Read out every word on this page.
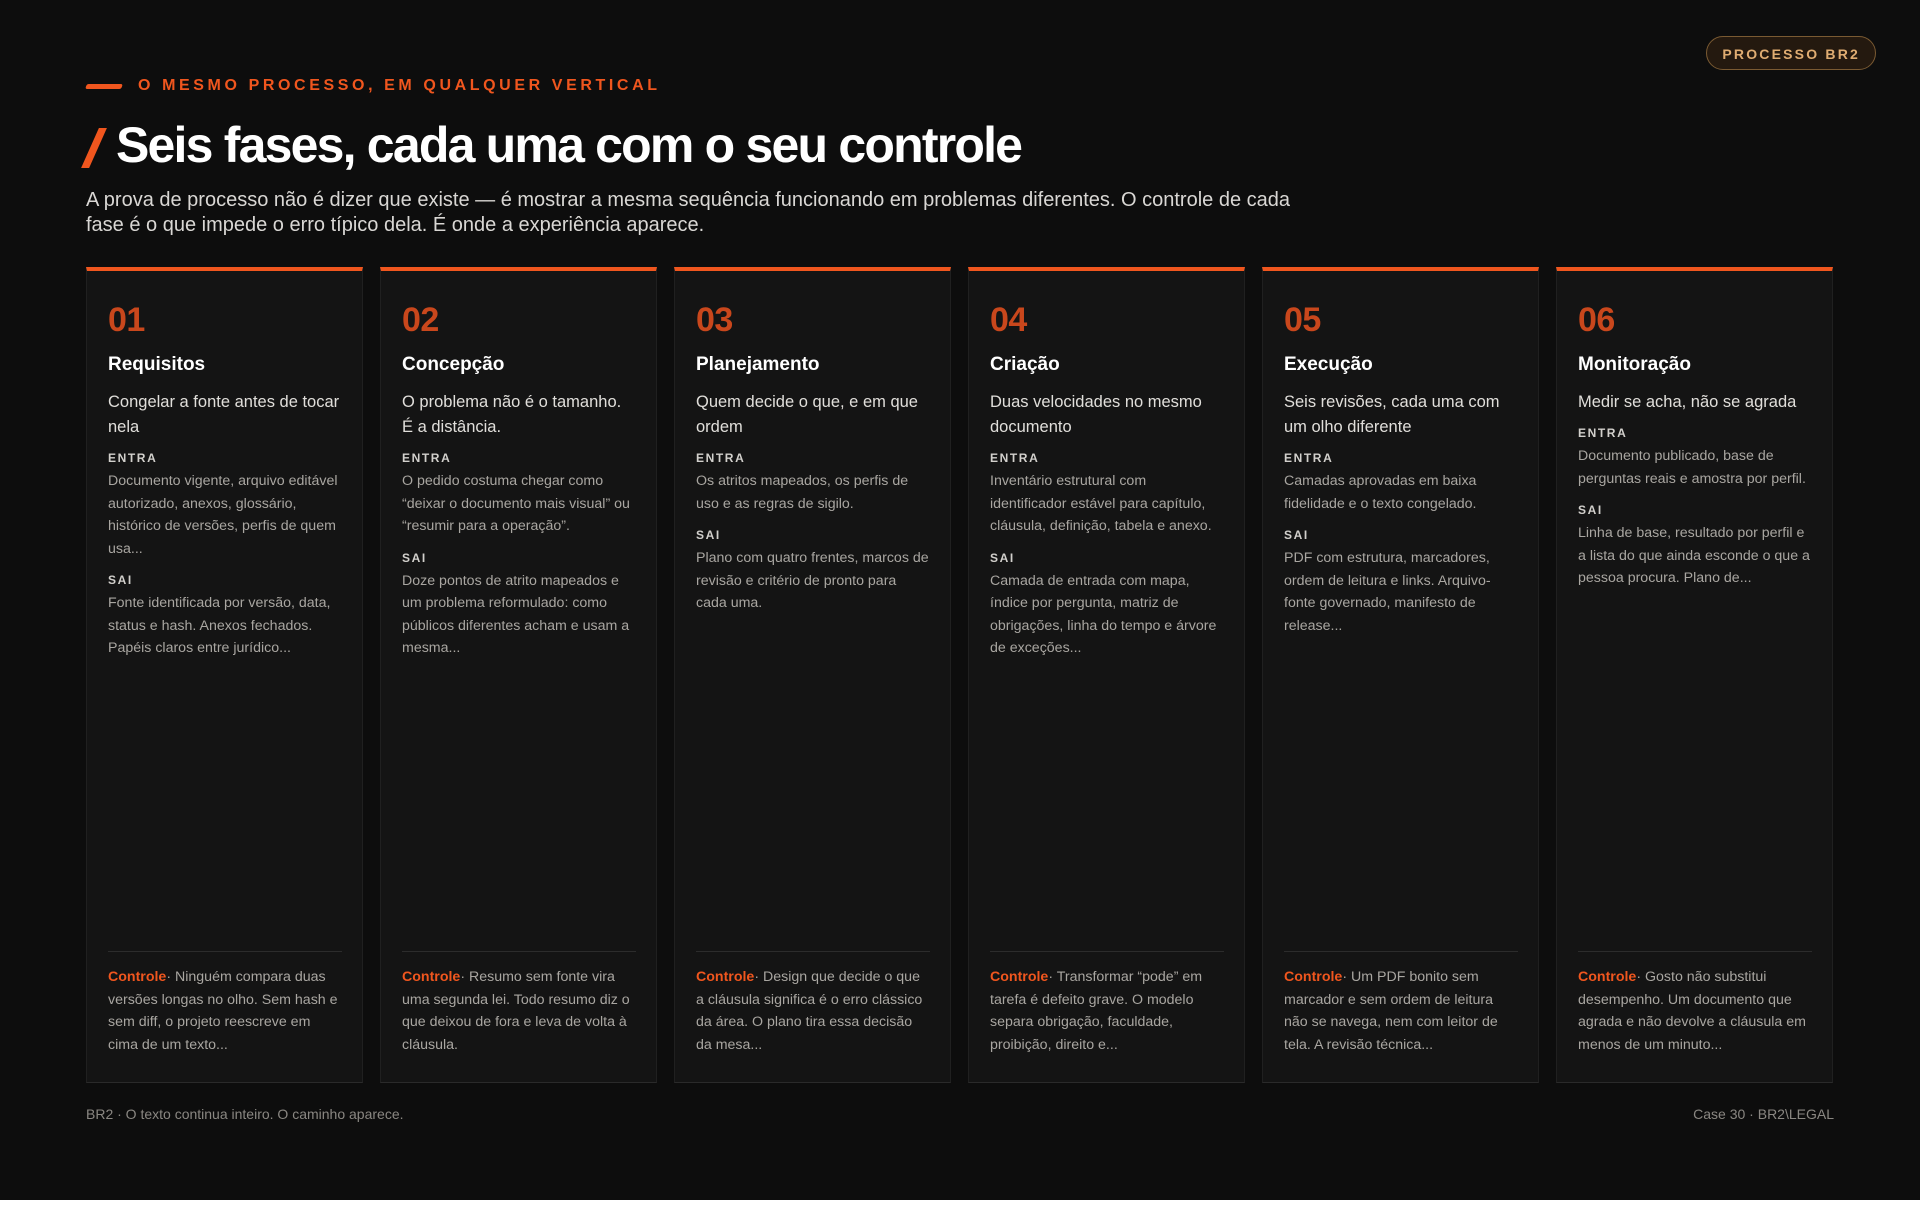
PROCESSO BR2
O MESMO PROCESSO, EM QUALQUER VERTICAL
Seis fases, cada uma com o seu controle

A prova de processo não é dizer que existe — é mostrar a mesma sequência funcionando em problemas diferentes. O controle de cada fase é o que impede o erro típico dela. É onde a experiência aparece.

01
Requisitos
Congelar a fonte antes de tocar nela
ENTRA
Documento vigente, arquivo editável autorizado, anexos, glossário, histórico de versões, perfis de quem usa...
SAI
Fonte identificada por versão, data, status e hash. Anexos fechados. Papéis claros entre jurídico...
Controle· Ninguém compara duas versões longas no olho. Sem hash e sem diff, o projeto reescreve em cima de um texto...
02
Concepção
O problema não é o tamanho. É a distância.
ENTRA
O pedido costuma chegar como “deixar o documento mais visual” ou “resumir para a operação”.
SAI
Doze pontos de atrito mapeados e um problema reformulado: como públicos diferentes acham e usam a mesma...
Controle· Resumo sem fonte vira uma segunda lei. Todo resumo diz o que deixou de fora e leva de volta à cláusula.
03
Planejamento
Quem decide o que, e em que ordem
ENTRA
Os atritos mapeados, os perfis de uso e as regras de sigilo.
SAI
Plano com quatro frentes, marcos de revisão e critério de pronto para cada uma.
Controle· Design que decide o que a cláusula significa é o erro clássico da área. O plano tira essa decisão da mesa...
04
Criação
Duas velocidades no mesmo documento
ENTRA
Inventário estrutural com identificador estável para capítulo, cláusula, definição, tabela e anexo.
SAI
Camada de entrada com mapa, índice por pergunta, matriz de obrigações, linha do tempo e árvore de exceções...
Controle· Transformar “pode” em tarefa é defeito grave. O modelo separa obrigação, faculdade, proibição, direito e...
05
Execução
Seis revisões, cada uma com um olho diferente
ENTRA
Camadas aprovadas em baixa fidelidade e o texto congelado.
SAI
PDF com estrutura, marcadores, ordem de leitura e links. Arquivo-fonte governado, manifesto de release...
Controle· Um PDF bonito sem marcador e sem ordem de leitura não se navega, nem com leitor de tela. A revisão técnica...
06
Monitoração
Medir se acha, não se agrada
ENTRA
Documento publicado, base de perguntas reais e amostra por perfil.
SAI
Linha de base, resultado por perfil e a lista do que ainda esconde o que a pessoa procura. Plano de...
Controle· Gosto não substitui desempenho. Um documento que agrada e não devolve a cláusula em menos de um minuto...
BR2 · O texto continua inteiro. O caminho aparece.	Case 30 · BR2\LEGAL
